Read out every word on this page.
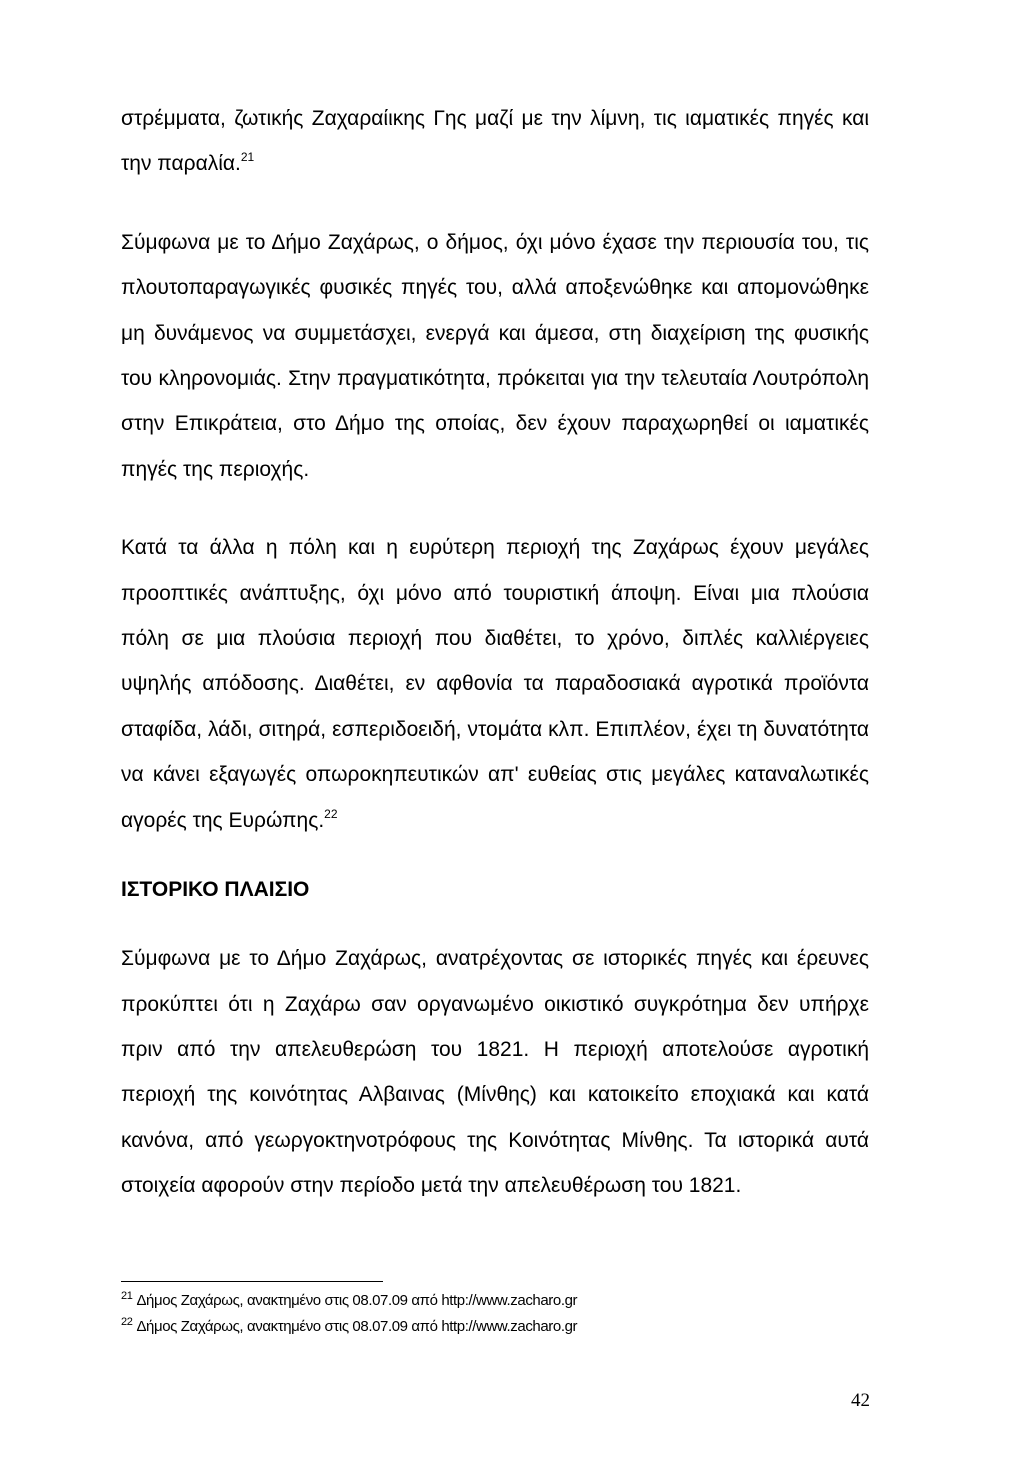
στρέμματα, ζωτικής Ζαχαραίικης Γης μαζί με την λίμνη, τις ιαματικές πηγές και την παραλία.$^{21}$

Σύμφωνα με το Δήμο Ζαχάρως, ο δήμος, όχι μόνο έχασε την περιουσία του, τις πλουτοπαραγωγικές φυσικές πηγές του, αλλά αποξενώθηκε και απομονώθηκε μη δυνάμενος να συμμετάσχει, ενεργά και άμεσα, στη διαχείριση της φυσικής του κληρονομιάς. Στην πραγματικότητα, πρόκειται για την τελευταία Λουτρόπολη στην Επικράτεια, στο Δήμο της οποίας, δεν έχουν παραχωρηθεί οι ιαματικές πηγές της περιοχής.

Κατά τα άλλα η πόλη και η ευρύτερη περιοχή της Ζαχάρως έχουν μεγάλες προοπτικές ανάπτυξης, όχι μόνο από τουριστική άποψη. Είναι μια πλούσια πόλη σε μια πλούσια περιοχή που διαθέτει, το χρόνο, διπλές καλλιέργειες υψηλής απόδοσης. Διαθέτει, εν αφθονία τα παραδοσιακά αγροτικά προϊόντα σταφίδα, λάδι, σιτηρά, εσπεριδοειδή, ντομάτα κλπ. Επιπλέον, έχει τη δυνατότητα να κάνει εξαγωγές οπωροκηπευτικών απ' ευθείας στις μεγάλες καταναλωτικές αγορές της Ευρώπης.$^{22}$

ΙΣΤΟΡΙΚΟ ΠΛΑΙΣΙΟ

Σύμφωνα με το Δήμο Ζαχάρως, ανατρέχοντας σε ιστορικές πηγές και έρευνες προκύπτει ότι η Ζαχάρω σαν οργανωμένο οικιστικό συγκρότημα δεν υπήρχε πριν από την απελευθερώση του 1821. Η περιοχή αποτελούσε αγροτική περιοχή της κοινότητας Αλβαινας (Μίνθης) και κατοικείτο εποχιακά και κατά κανόνα, από γεωργοκτηνοτρόφους της Κοινότητας Μίνθης. Τα ιστορικά αυτά στοιχεία αφορούν στην περίοδο μετά την απελευθέρωση του 1821.

$^{21}$ Δήμος Ζαχάρως, ανακτημένο στις 08.07.09 από http://www.zacharo.gr
$^{22}$ Δήμος Ζαχάρως, ανακτημένο στις 08.07.09 από http://www.zacharo.gr
42
